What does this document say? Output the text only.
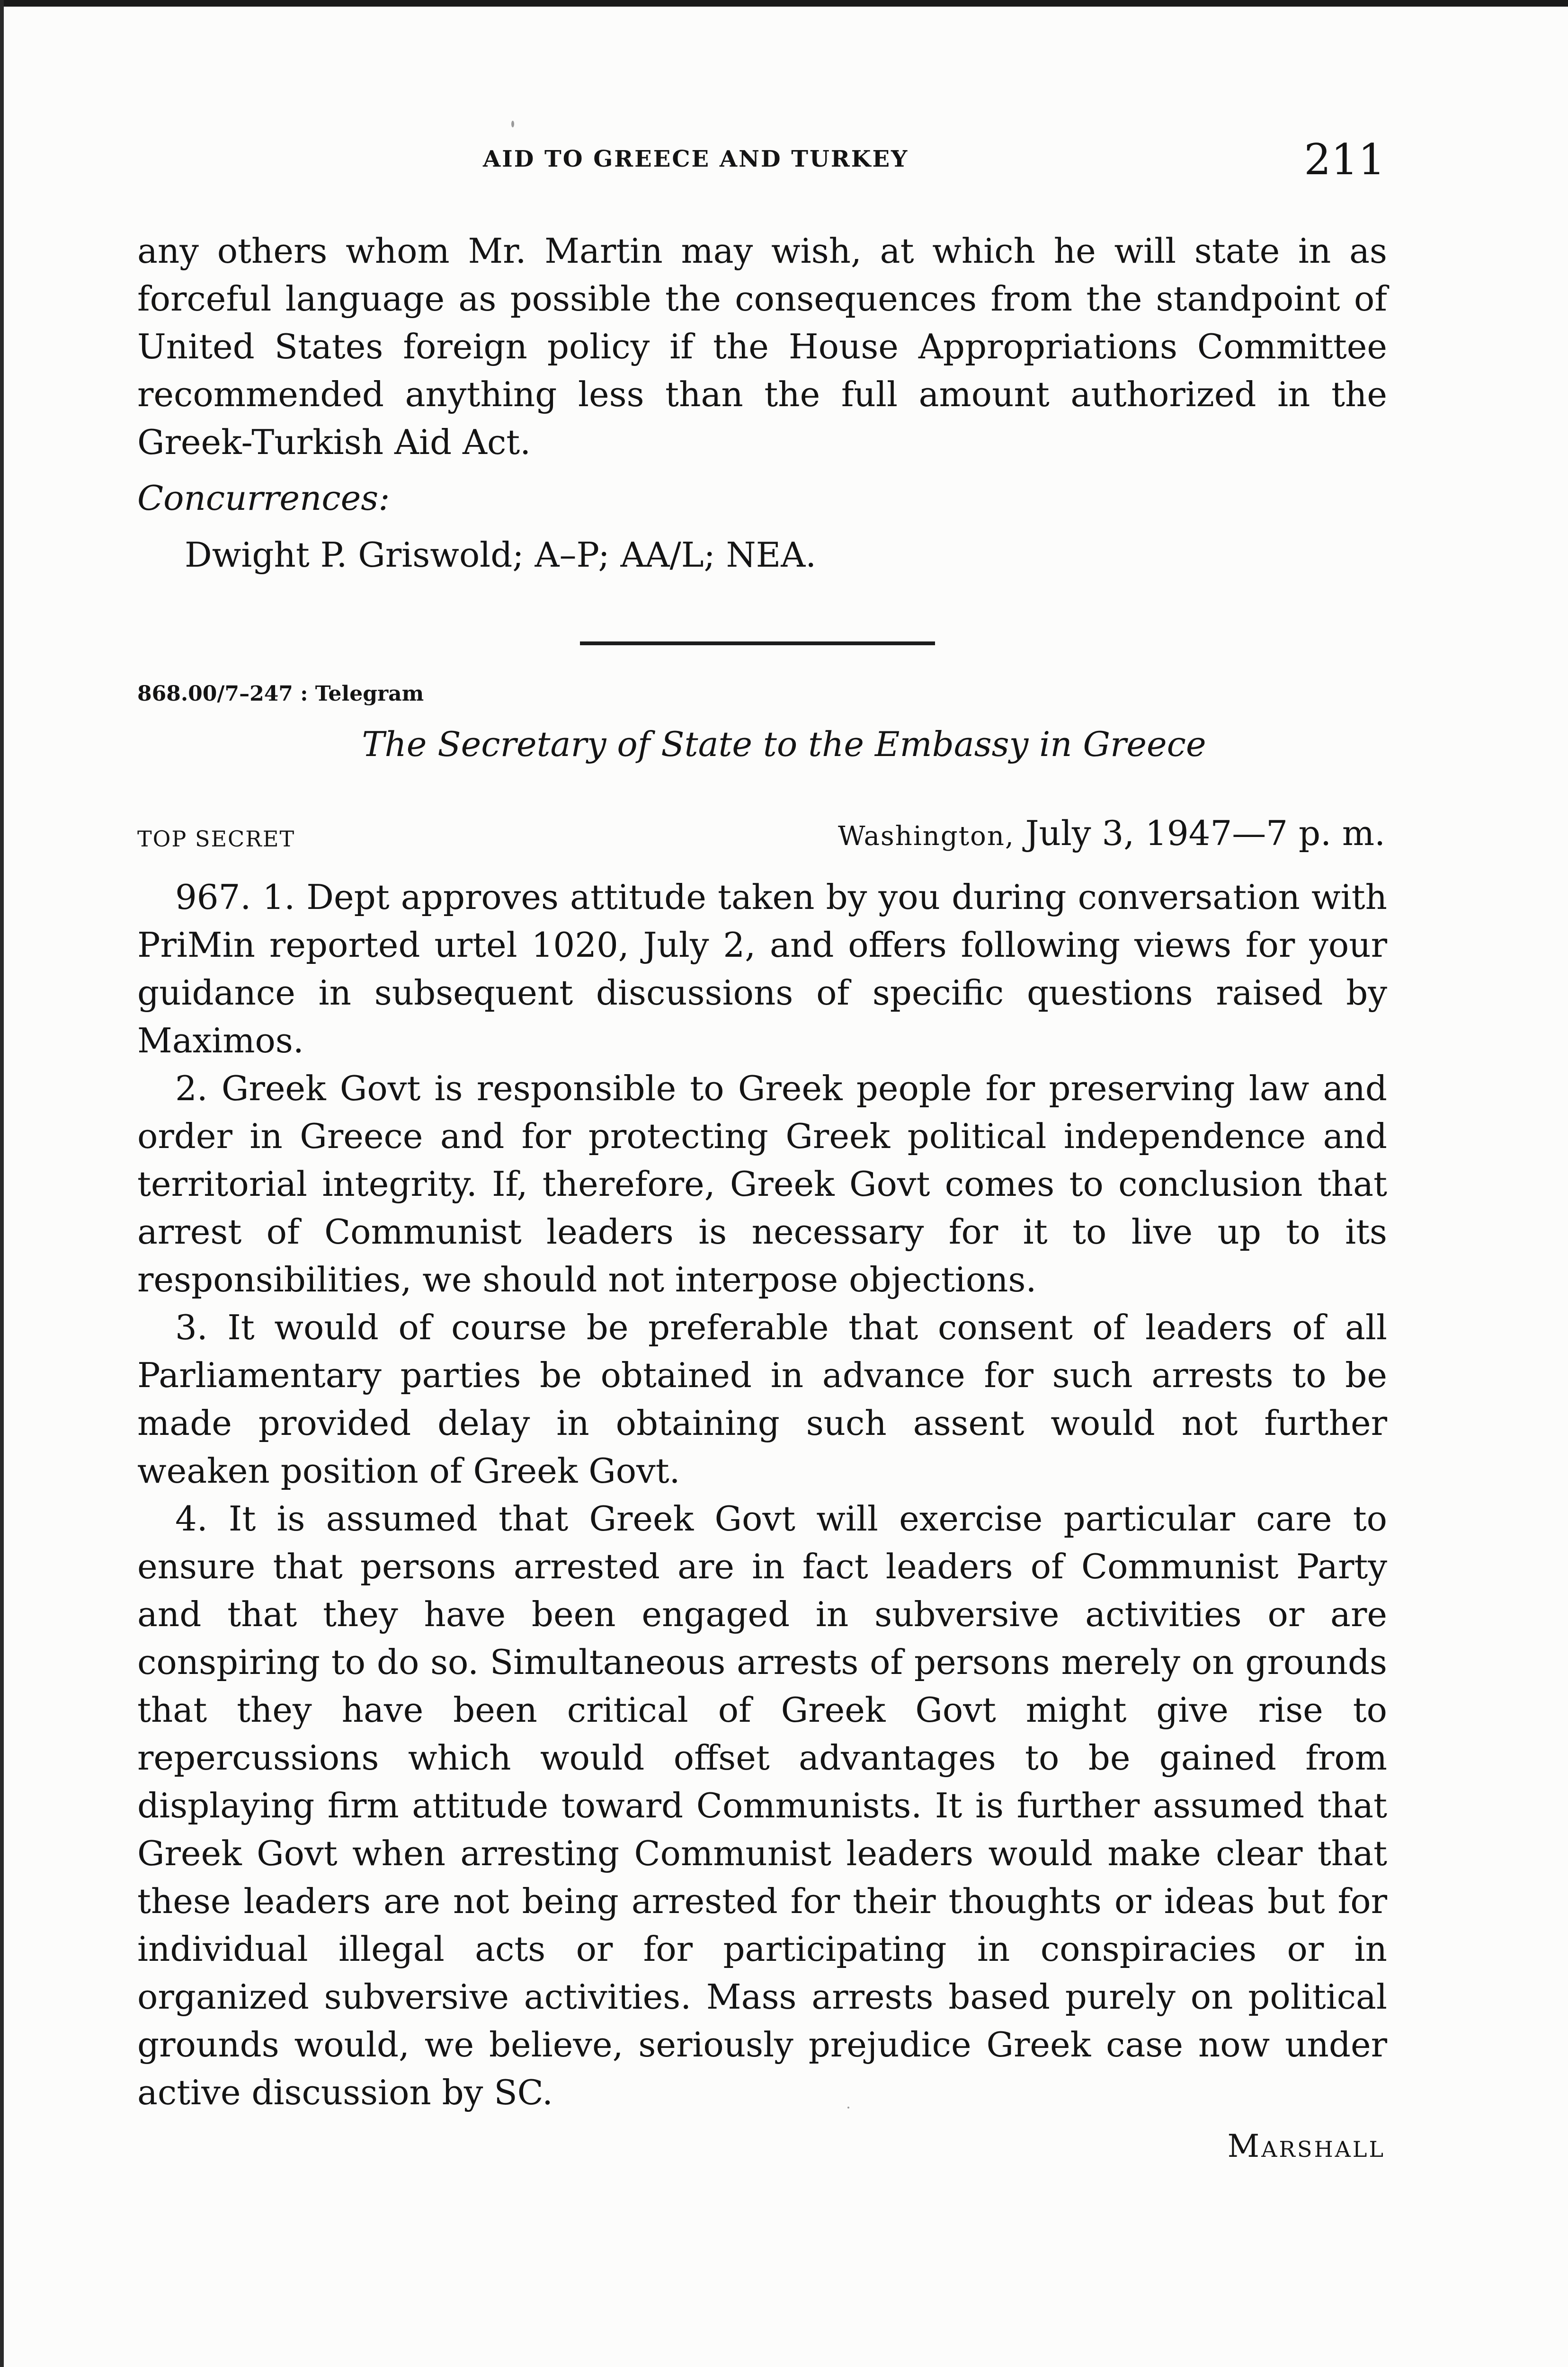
AID TO GREECE AND TURKEY	211

any others whom Mr. Martin may wish, at which he will state in as forceful language as possible the consequences from the standpoint of United States foreign policy if the House Appropriations Committee recommended anything less than the full amount authorized in the Greek-Turkish Aid Act.

Concurrences:
Dwight P. Griswold; A–P; AA/L; NEA.
868.00/7–247 : Telegram
The Secretary of State to the Embassy in Greece
TOP SECRET	Washington, July 3, 1947—7 p. m.

967. 1. Dept approves attitude taken by you during conversation with PriMin reported urtel 1020, July 2, and offers following views for your guidance in subsequent discussions of specific questions raised by Maximos.

2. Greek Govt is responsible to Greek people for preserving law and order in Greece and for protecting Greek political independence and territorial integrity. If, therefore, Greek Govt comes to conclusion that arrest of Communist leaders is necessary for it to live up to its responsibilities, we should not interpose objections.

3. It would of course be preferable that consent of leaders of all Parliamentary parties be obtained in advance for such arrests to be made provided delay in obtaining such assent would not further weaken position of Greek Govt.

4. It is assumed that Greek Govt will exercise particular care to ensure that persons arrested are in fact leaders of Communist Party and that they have been engaged in subversive activities or are conspiring to do so. Simultaneous arrests of persons merely on grounds that they have been critical of Greek Govt might give rise to repercussions which would offset advantages to be gained from displaying firm attitude toward Communists. It is further assumed that Greek Govt when arresting Communist leaders would make clear that these leaders are not being arrested for their thoughts or ideas but for individual illegal acts or for participating in conspiracies or in organized subversive activities. Mass arrests based purely on political grounds would, we believe, seriously prejudice Greek case now under active discussion by SC.

Marshall
